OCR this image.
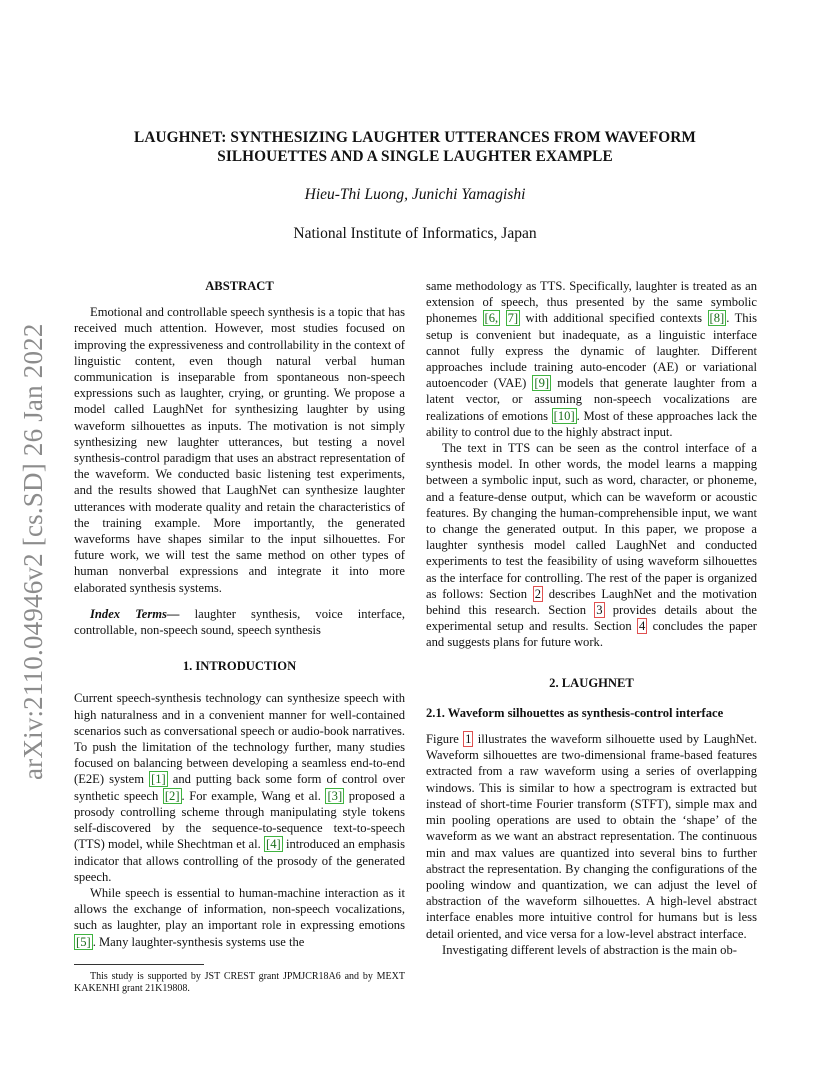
arXiv:2110.04946v2 [cs.SD] 26 Jan 2022
LAUGHNET: SYNTHESIZING LAUGHTER UTTERANCES FROM WAVEFORM
SILHOUETTES AND A SINGLE LAUGHTER EXAMPLE
Hieu-Thi Luong, Junichi Yamagishi
National Institute of Informatics, Japan
ABSTRACT

Emotional and controllable speech synthesis is a topic that has received much attention. However, most studies focused on improving the expressiveness and controllability in the context of linguistic content, even though natural verbal human communication is inseparable from spontaneous non-speech expressions such as laughter, crying, or grunting. We propose a model called LaughNet for synthesizing laughter by using waveform silhouettes as inputs. The motivation is not simply synthesizing new laughter utterances, but testing a novel synthesis-control paradigm that uses an abstract representation of the waveform. We conducted basic listening test experiments, and the results showed that LaughNet can synthesize laughter utterances with moderate quality and retain the characteristics of the training example. More importantly, the generated waveforms have shapes similar to the input silhouettes. For future work, we will test the same method on other types of human nonverbal expressions and integrate it into more elaborated synthesis systems.

Index Terms— laughter synthesis, voice interface, controllable, non-speech sound, speech synthesis

1. INTRODUCTION

Current speech-synthesis technology can synthesize speech with high naturalness and in a convenient manner for well-contained scenarios such as conversational speech or audio-book narratives. To push the limitation of the technology further, many studies focused on balancing between developing a seamless end-to-end (E2E) system [1] and putting back some form of control over synthetic speech [2] . For example, Wang et al. [3] proposed a prosody controlling scheme through manipulating style tokens self-discovered by the sequence-to-sequence text-to-speech (TTS) model, while Shechtman et al. [4] introduced an emphasis indicator that allows controlling of the prosody of the generated speech.

While speech is essential to human-machine interaction as it allows the exchange of information, non-speech vocalizations, such as laughter, play an important role in expressing emotions [5] . Many laughter-synthesis systems use the

This study is supported by JST CREST grant JPMJCR18A6 and by MEXT KAKENHI grant 21K19808.

same methodology as TTS. Specifically, laughter is treated as an extension of speech, thus presented by the same symbolic phonemes [6, 7] with additional specified contexts [8] . This setup is convenient but inadequate, as a linguistic interface cannot fully express the dynamic of laughter. Different approaches include training auto-encoder (AE) or variational autoencoder (VAE) [9] models that generate laughter from a latent vector, or assuming non-speech vocalizations are realizations of emotions [10] . Most of these approaches lack the ability to control due to the highly abstract input.

The text in TTS can be seen as the control interface of a synthesis model. In other words, the model learns a mapping between a symbolic input, such as word, character, or phoneme, and a feature-dense output, which can be waveform or acoustic features. By changing the human-comprehensible input, we want to change the generated output. In this paper, we propose a laughter synthesis model called LaughNet and conducted experiments to test the feasibility of using waveform silhouettes as the interface for controlling. The rest of the paper is organized as follows: Section 2 describes LaughNet and the motivation behind this research. Section 3 provides details about the experimental setup and results. Section 4 concludes the paper and suggests plans for future work.

2. LAUGHNET
2.1. Waveform silhouettes as synthesis-control interface

Figure 1 illustrates the waveform silhouette used by LaughNet. Waveform silhouettes are two-dimensional frame-based features extracted from a raw waveform using a series of overlapping windows. This is similar to how a spectrogram is extracted but instead of short-time Fourier transform (STFT), simple max and min pooling operations are used to obtain the ‘shape’ of the waveform as we want an abstract representation. The continuous min and max values are quantized into several bins to further abstract the representation. By changing the configurations of the pooling window and quantization, we can adjust the level of abstraction of the waveform silhouettes. A high-level abstract interface enables more intuitive control for humans but is less detail oriented, and vice versa for a low-level abstract interface.

Investigating different levels of abstraction is the main ob-
